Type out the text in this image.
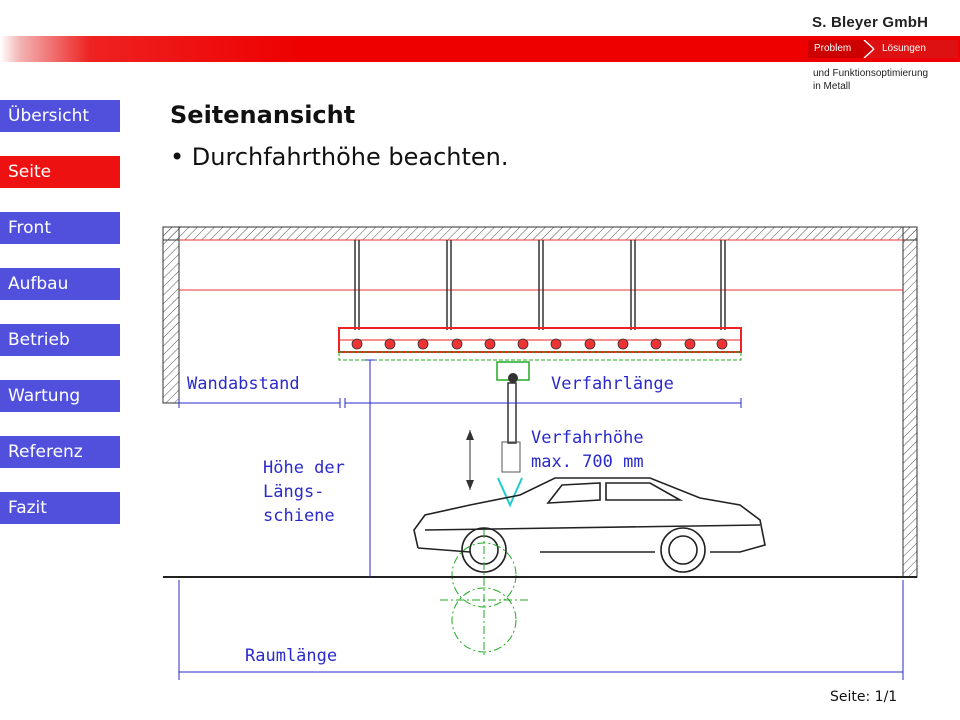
S. Bleyer GmbH
Problem	Lösungen
und Funktionsoptimierung
in Metall
Übersicht
Seite
Front
Aufbau
Betrieb
Wartung
Referenz
Fazit
Seitenansicht
• Durchfahrthöhe beachten.
Wandabstand	Verfahrlänge
Verfahrhöhe
max. 700 mm
Höhe der
Längs-
schiene
Raumlänge
Seite: 1/1
